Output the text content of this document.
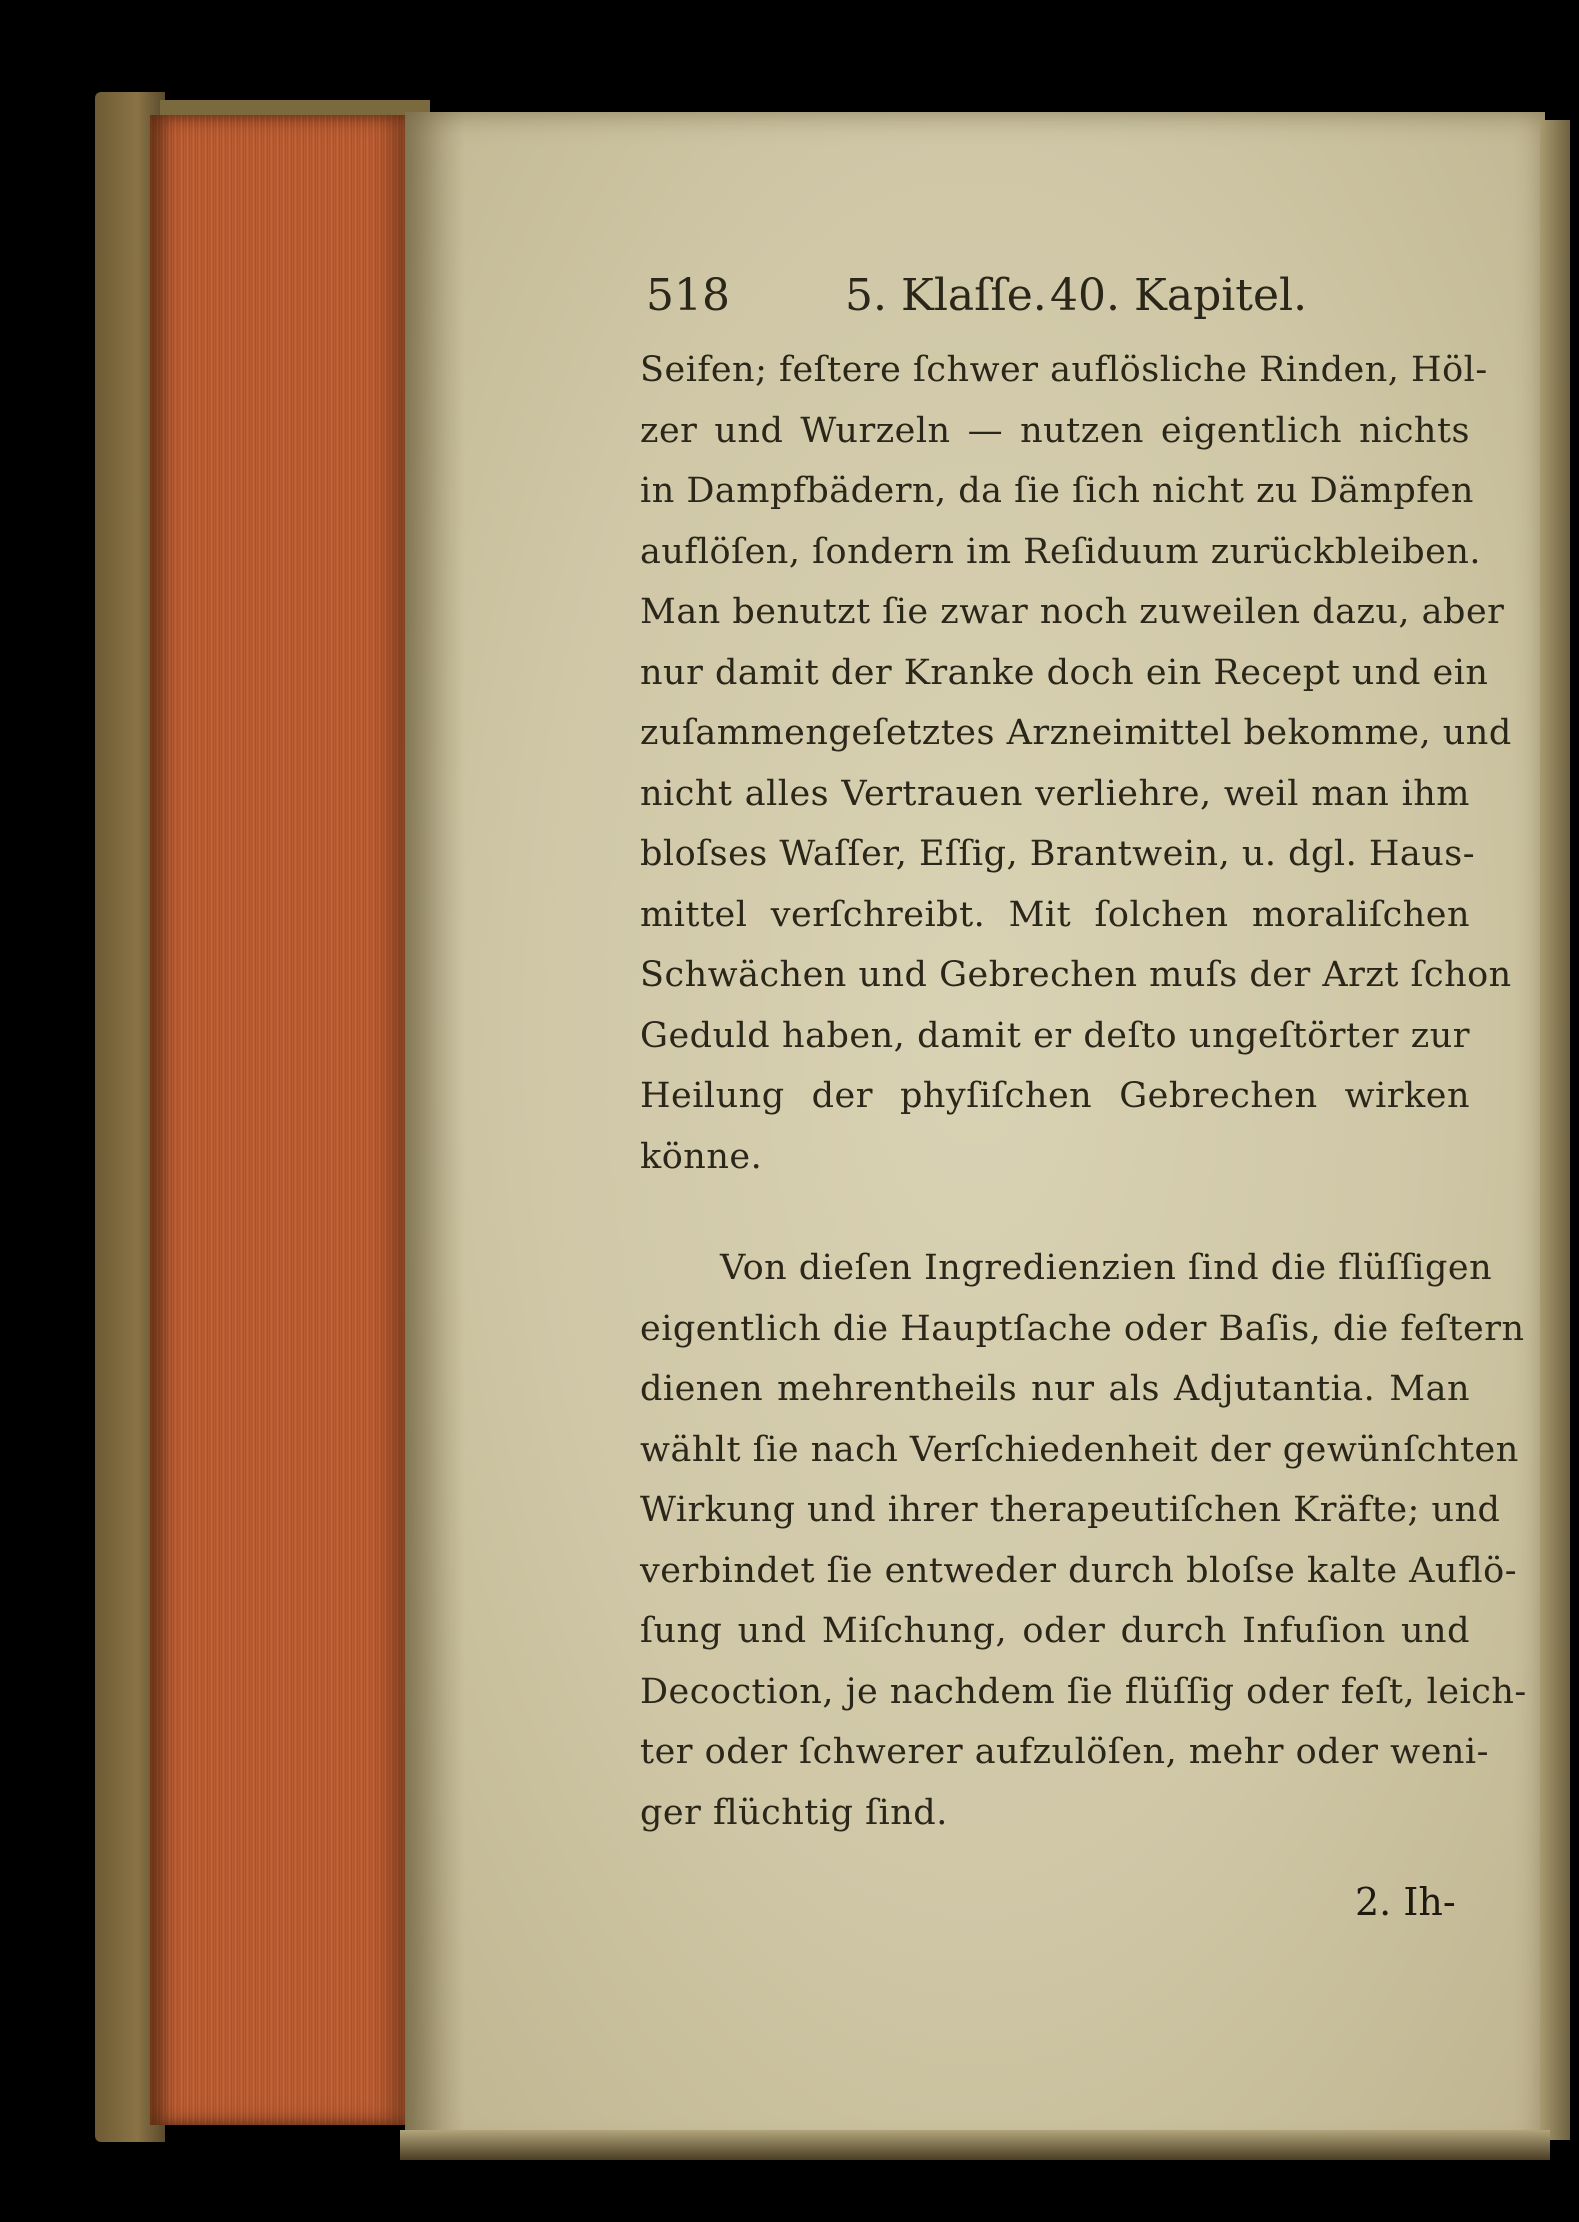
518	5. Klaſſe. 40. Kapitel.
Seifen; feſtere ſchwer auflösliche Rinden, Höl-
zer und Wurzeln — nutzen eigentlich nichts
in Dampfbädern, da ſie ſich nicht zu Dämpfen
auflöſen, ſondern im Reſiduum zurückbleiben.
Man benutzt ſie zwar noch zuweilen dazu, aber
nur damit der Kranke doch ein Recept und ein
zuſammengeſetztes Arzneimittel bekomme, und
nicht alles Vertrauen verliehre, weil man ihm
bloſses Waſſer, Eſſig, Brantwein, u. dgl. Haus-
mittel verſchreibt. Mit ſolchen moraliſchen
Schwächen und Gebrechen muſs der Arzt ſchon
Geduld haben, damit er deſto ungeſtörter zur
Heilung der phyſiſchen Gebrechen wirken
könne.
Von dieſen Ingredienzien ſind die flüſſigen
eigentlich die Hauptſache oder Baſis, die feſtern
dienen mehrentheils nur als Adjutantia. Man
wählt ſie nach Verſchiedenheit der gewünſchten
Wirkung und ihrer therapeutiſchen Kräfte; und
verbindet ſie entweder durch bloſse kalte Auflö-
ſung und Miſchung, oder durch Infuſion und
Decoction, je nachdem ſie flüſſig oder feſt, leich-
ter oder ſchwerer aufzulöſen, mehr oder weni-
ger flüchtig ſind.
2. Ih-
